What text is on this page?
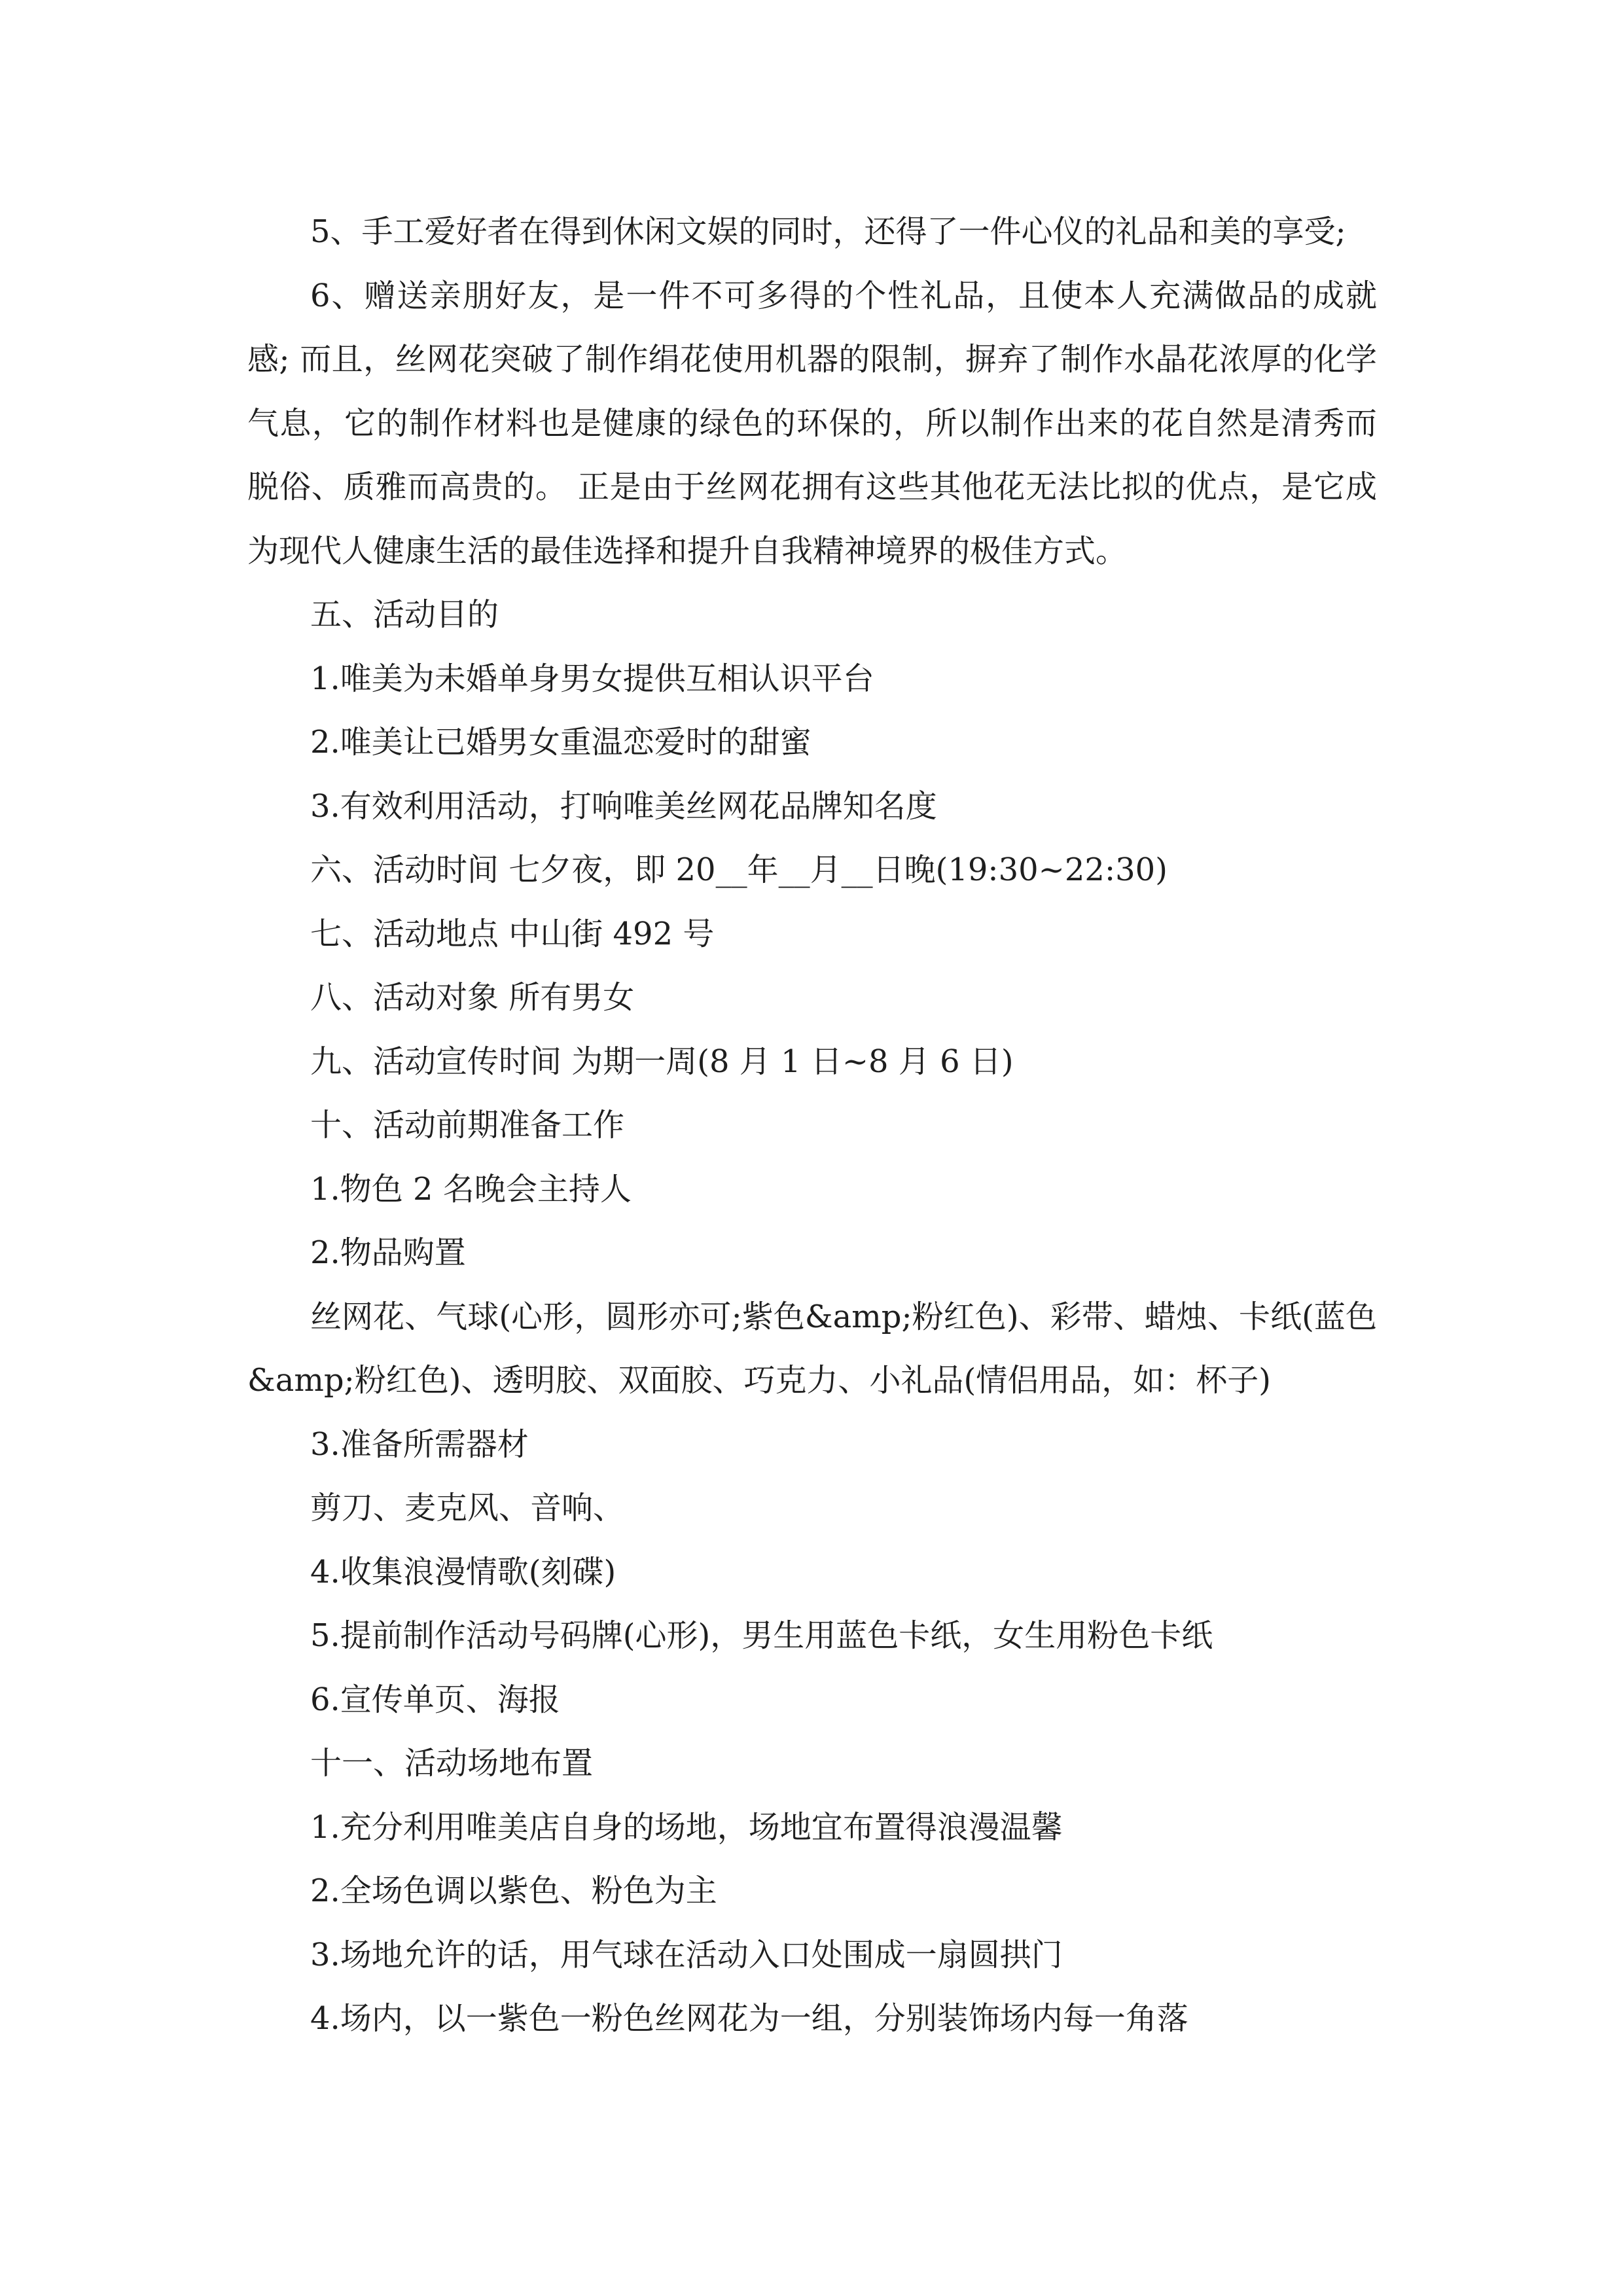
5、手工爱好者在得到休闲文娱的同时，还得了一件心仪的礼品和美的享受;

6、赠送亲朋好友，是一件不可多得的个性礼品，且使本人充满做品的成就感; 而且，丝网花突破了制作绢花使用机器的限制，摒弃了制作水晶花浓厚的化学气息，它的制作材料也是健康的绿色的环保的，所以制作出来的花自然是清秀而脱俗、质雅而高贵的。 正是由于丝网花拥有这些其他花无法比拟的优点，是它成为现代人健康生活的最佳选择和提升自我精神境界的极佳方式。

五、活动目的

1.唯美为未婚单身男女提供互相认识平台

2.唯美让已婚男女重温恋爱时的甜蜜

3.有效利用活动，打响唯美丝网花品牌知名度

六、活动时间 七夕夜，即 20__年__月__日晚(19:30~22:30)

七、活动地点 中山街 492 号

八、活动对象 所有男女

九、活动宣传时间 为期一周(8 月 1 日~8 月 6 日)

十、活动前期准备工作

1.物色 2 名晚会主持人

2.物品购置

丝网花、气球(心形，圆形亦可;紫色&amp;粉红色)、彩带、蜡烛、卡纸(蓝色&amp;粉红色)、透明胶、双面胶、巧克力、小礼品(情侣用品，如：杯子)

3.准备所需器材

剪刀、麦克风、音响、

4.收集浪漫情歌(刻碟)

5.提前制作活动号码牌(心形)，男生用蓝色卡纸，女生用粉色卡纸

6.宣传单页、海报

十一、活动场地布置

1.充分利用唯美店自身的场地，场地宜布置得浪漫温馨

2.全场色调以紫色、粉色为主

3.场地允许的话，用气球在活动入口处围成一扇圆拱门

4.场内，以一紫色一粉色丝网花为一组，分别装饰场内每一角落
